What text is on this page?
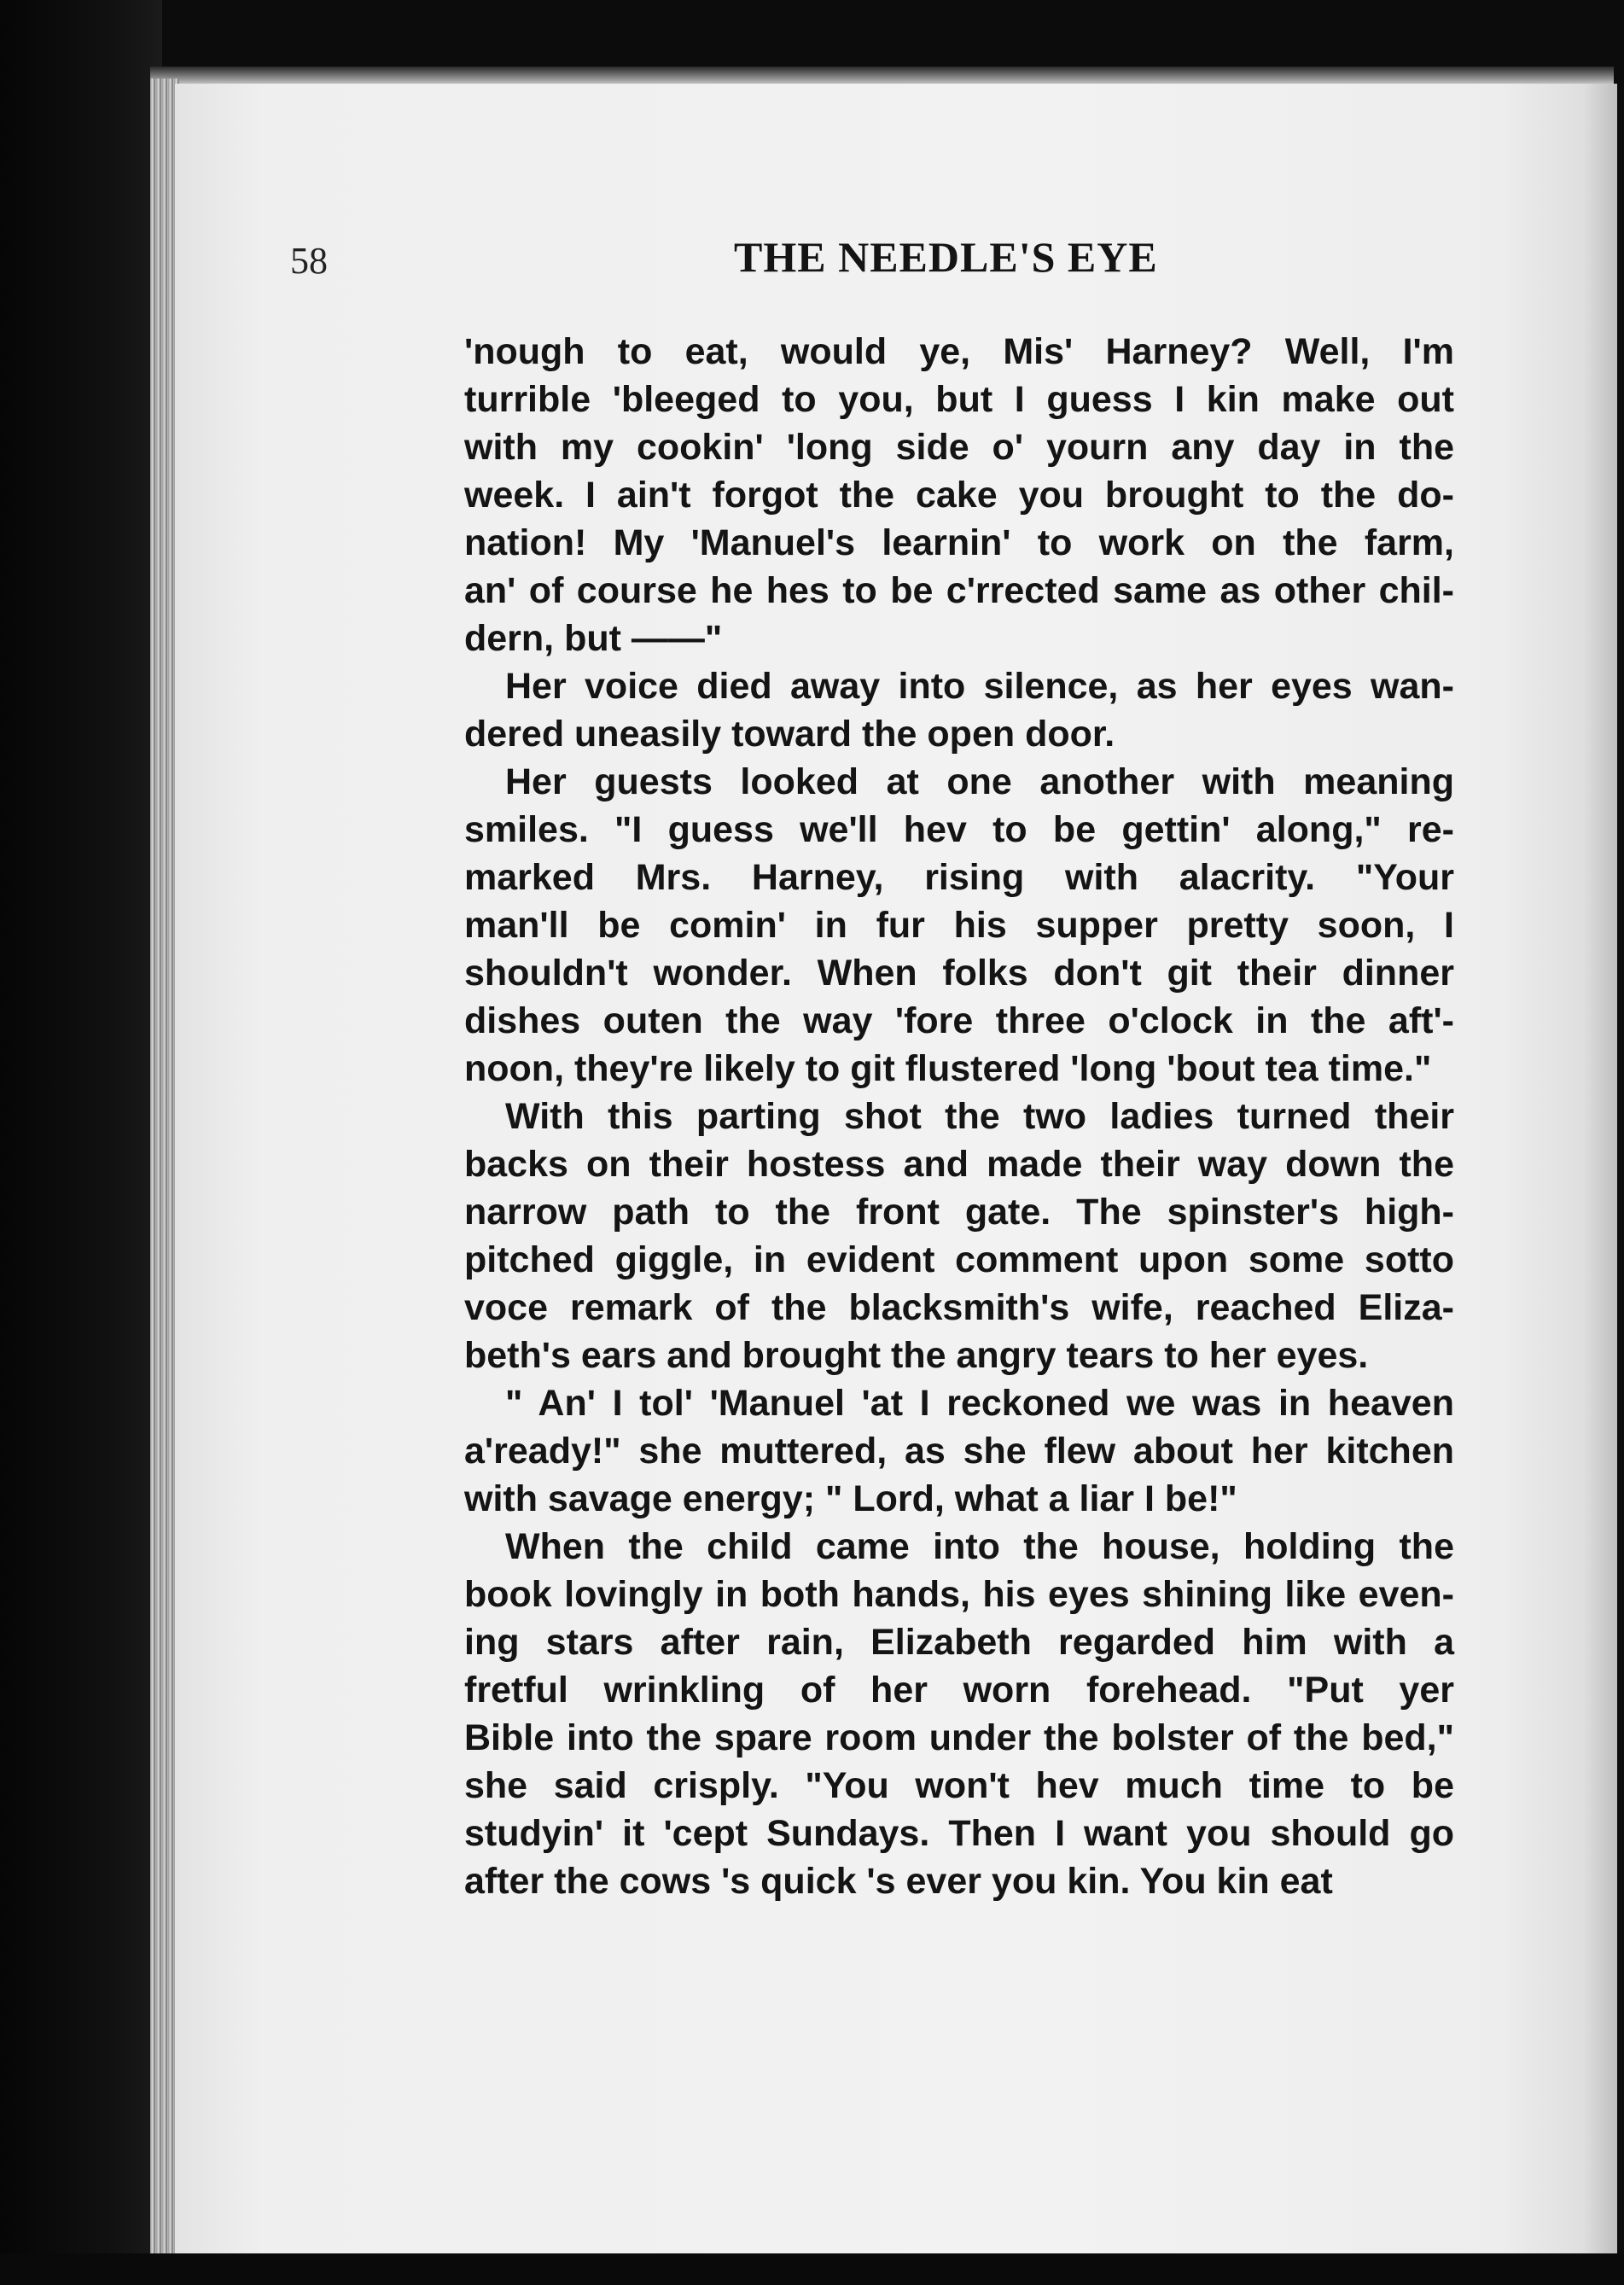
58	THE NEEDLE'S EYE
'nough to eat, would ye, Mis' Harney? Well, I'm
turrible 'bleeged to you, but I guess I kin make out
with my cookin' 'long side o' yourn any day in the
week. I ain't forgot the cake you brought to the do-
nation! My 'Manuel's learnin' to work on the farm,
an' of course he hes to be c'rrected same as other chil-
dern, but ——"
Her voice died away into silence, as her eyes wan-
dered uneasily toward the open door.
Her guests looked at one another with meaning
smiles. "I guess we'll hev to be gettin' along," re-
marked Mrs. Harney, rising with alacrity. "Your
man'll be comin' in fur his supper pretty soon, I
shouldn't wonder. When folks don't git their dinner
dishes outen the way 'fore three o'clock in the aft'-
noon, they're likely to git flustered 'long 'bout tea time."
With this parting shot the two ladies turned their
backs on their hostess and made their way down the
narrow path to the front gate. The spinster's high-
pitched giggle, in evident comment upon some sotto
voce remark of the blacksmith's wife, reached Eliza-
beth's ears and brought the angry tears to her eyes.
" An' I tol' 'Manuel 'at I reckoned we was in heaven
a'ready!" she muttered, as she flew about her kitchen
with savage energy; " Lord, what a liar I be!"
When the child came into the house, holding the
book lovingly in both hands, his eyes shining like even-
ing stars after rain, Elizabeth regarded him with a
fretful wrinkling of her worn forehead. "Put yer
Bible into the spare room under the bolster of the bed,"
she said crisply. "You won't hev much time to be
studyin' it 'cept Sundays. Then I want you should go
after the cows 's quick 's ever you kin. You kin eat
